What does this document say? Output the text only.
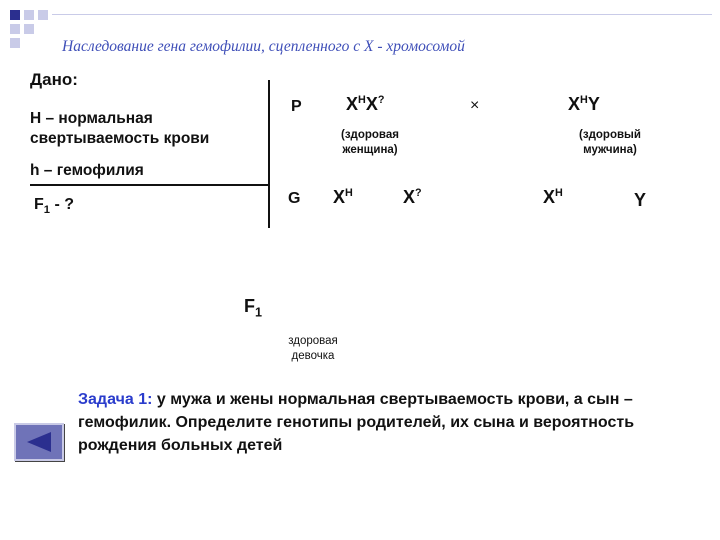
Наследование гена гемофилии, сцепленного с Х - хромосомой
Дано:
Н – нормальная
свертываемость крови
h – гемофилия
$F_1$ - ?
Р $Х^НХ^?$	×	$Х^НY$
(здоровая
женщина)
(здоровый
мужчина)
G $Х^Н$	Х?	$Х^Н$	Y
$F_1$
здоровая
девочка
Задача 1: у мужа и жены нормальная свертываемость крови, а сын – гемофилик. Определите генотипы родителей, их сына и вероятность рождения больных детей
